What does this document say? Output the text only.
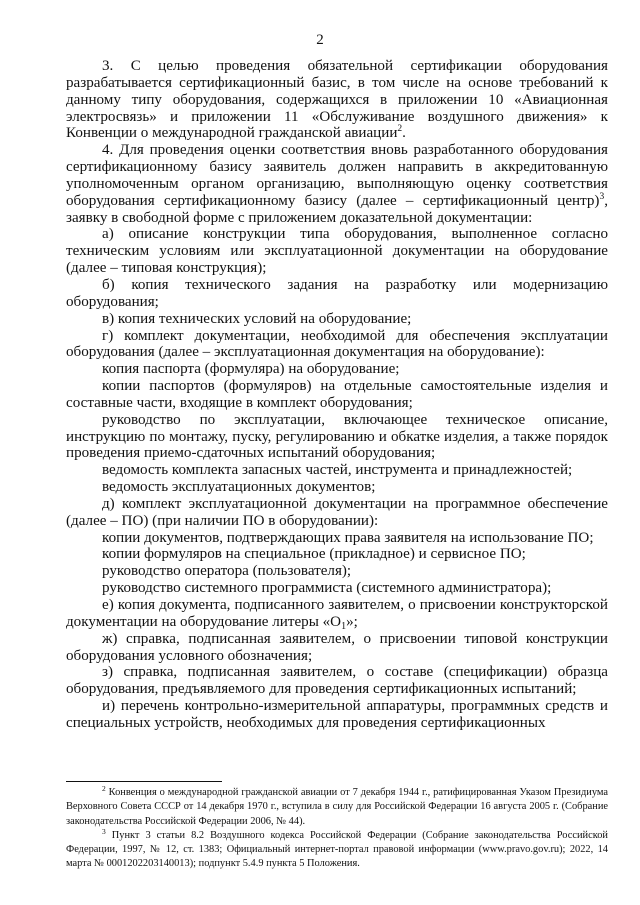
2

3. С целью проведения обязательной сертификации оборудования разрабатывается сертификационный базис, в том числе на основе требований к данному типу оборудования, содержащихся в приложении 10 «Авиационная электросвязь» и приложении 11 «Обслуживание воздушного движения» к Конвенции о международной гражданской авиации$^2$.

4. Для проведения оценки соответствия вновь разработанного оборудования сертификационному базису заявитель должен направить в аккредитованную уполномоченным органом организацию, выполняющую оценку соответствия оборудования сертификационному базису (далее – сертификационный центр)$^3$, заявку в свободной форме с приложением доказательной документации:

а) описание конструкции типа оборудования, выполненное согласно техническим условиям или эксплуатационной документации на оборудование (далее – типовая конструкция);

б) копия технического задания на разработку или модернизацию оборудования;

в) копия технических условий на оборудование;

г) комплект документации, необходимой для обеспечения эксплуатации оборудования (далее – эксплуатационная документация на оборудование):

копия паспорта (формуляра) на оборудование;

копии паспортов (формуляров) на отдельные самостоятельные изделия и составные части, входящие в комплект оборудования;

руководство по эксплуатации, включающее техническое описание, инструкцию по монтажу, пуску, регулированию и обкатке изделия, а также порядок проведения приемо-сдаточных испытаний оборудования;

ведомость комплекта запасных частей, инструмента и принадлежностей;

ведомость эксплуатационных документов;

д) комплект эксплуатационной документации на программное обеспечение (далее – ПО) (при наличии ПО в оборудовании):

копии документов, подтверждающих права заявителя на использование ПО;

копии формуляров на специальное (прикладное) и сервисное ПО;

руководство оператора (пользователя);

руководство системного программиста (системного администратора);

е) копия документа, подписанного заявителем, о присвоении конструкторской документации на оборудование литеры «$О_1$»;

ж) справка, подписанная заявителем, о присвоении типовой конструкции оборудования условного обозначения;

з) справка, подписанная заявителем, о составе (спецификации) образца оборудования, предъявляемого для проведения сертификационных испытаний;

и) перечень контрольно-измерительной аппаратуры, программных средств и специальных устройств, необходимых для проведения сертификационных

$^2$ Конвенция о международной гражданской авиации от 7 декабря 1944 г., ратифицированная Указом Президиума Верховного Совета СССР от 14 декабря 1970 г., вступила в силу для Российской Федерации 16 августа 2005 г. (Собрание законодательства Российской Федерации 2006, № 44).

$^3$ Пункт 3 статьи 8.2 Воздушного кодекса Российской Федерации (Собрание законодательства Российской Федерации, 1997, № 12, ст. 1383; Официальный интернет-портал правовой информации (www.pravo.gov.ru); 2022, 14 марта № 0001202203140013); подпункт 5.4.9 пункта 5 Положения.
